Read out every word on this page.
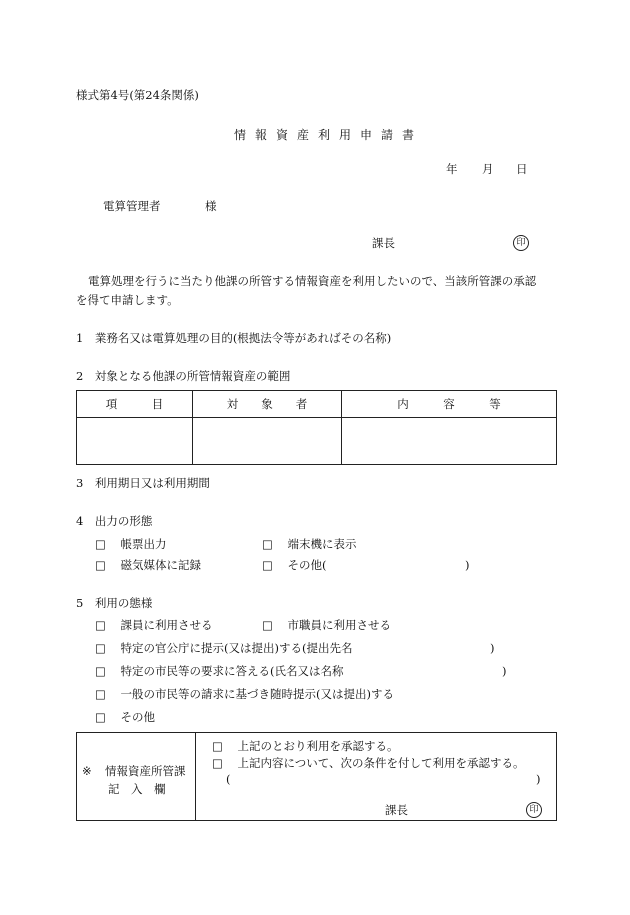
様式第4号(第24条関係)
情報資産利用申請書
年 月 日
電算管理者	様
課長	印
電算処理を行うに当たり他課の所管する情報資産を利用したいので、当該所管課の承認
を得て申請します。
1　業務名又は電算処理の目的(根拠法令等があればその名称)
2　対象となる他課の所管情報資産の範囲
項　　　目	対　　象　　者	内　　　容　　　等

3　利用期日又は利用期間
4　出力の形態
□　 帳票出力	□　 端末機に表示
□　 磁気媒体に記録	□　 その他(	)
5　利用の態様
□　 課員に利用させる	□　 市職員に利用させる
□　 特定の官公庁に提示(又は提出)する(提出先名	)
□　 特定の市民等の要求に答える(氏名又は名称	)
□　 一般の市民等の請求に基づき随時提示(又は提出)する
□　 その他
※ 情報資産所管課
記　入　欄

□　 上記のとおり利用を承認する。
□　 上記内容について、次の条件を付して利用を承認する。
(	)
課長	印
